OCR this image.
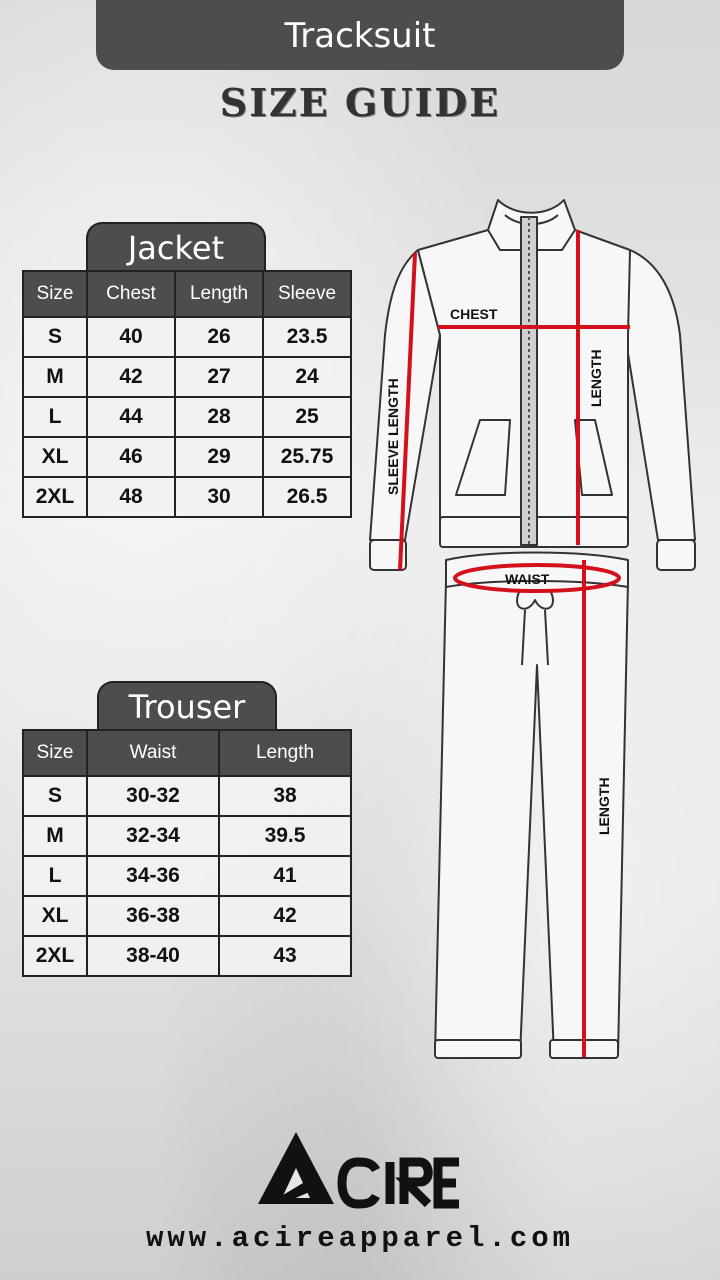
Tracksuit
SIZE GUIDE
Jacket
Size	Chest	Length	Sleeve
S	40	26	23.5
M	42	27	24
L	44	28	25
XL	46	29	25.75
2XL	48	30	26.5
Trouser
Size	Waist	Length
S	30-32	38
M	32-34	39.5
L	34-36	41
XL	36-38	42
2XL	38-40	43
CHEST
LENGTH
SLEEVE LENGTH
WAIST
LENGTH
www.acireapparel.com
